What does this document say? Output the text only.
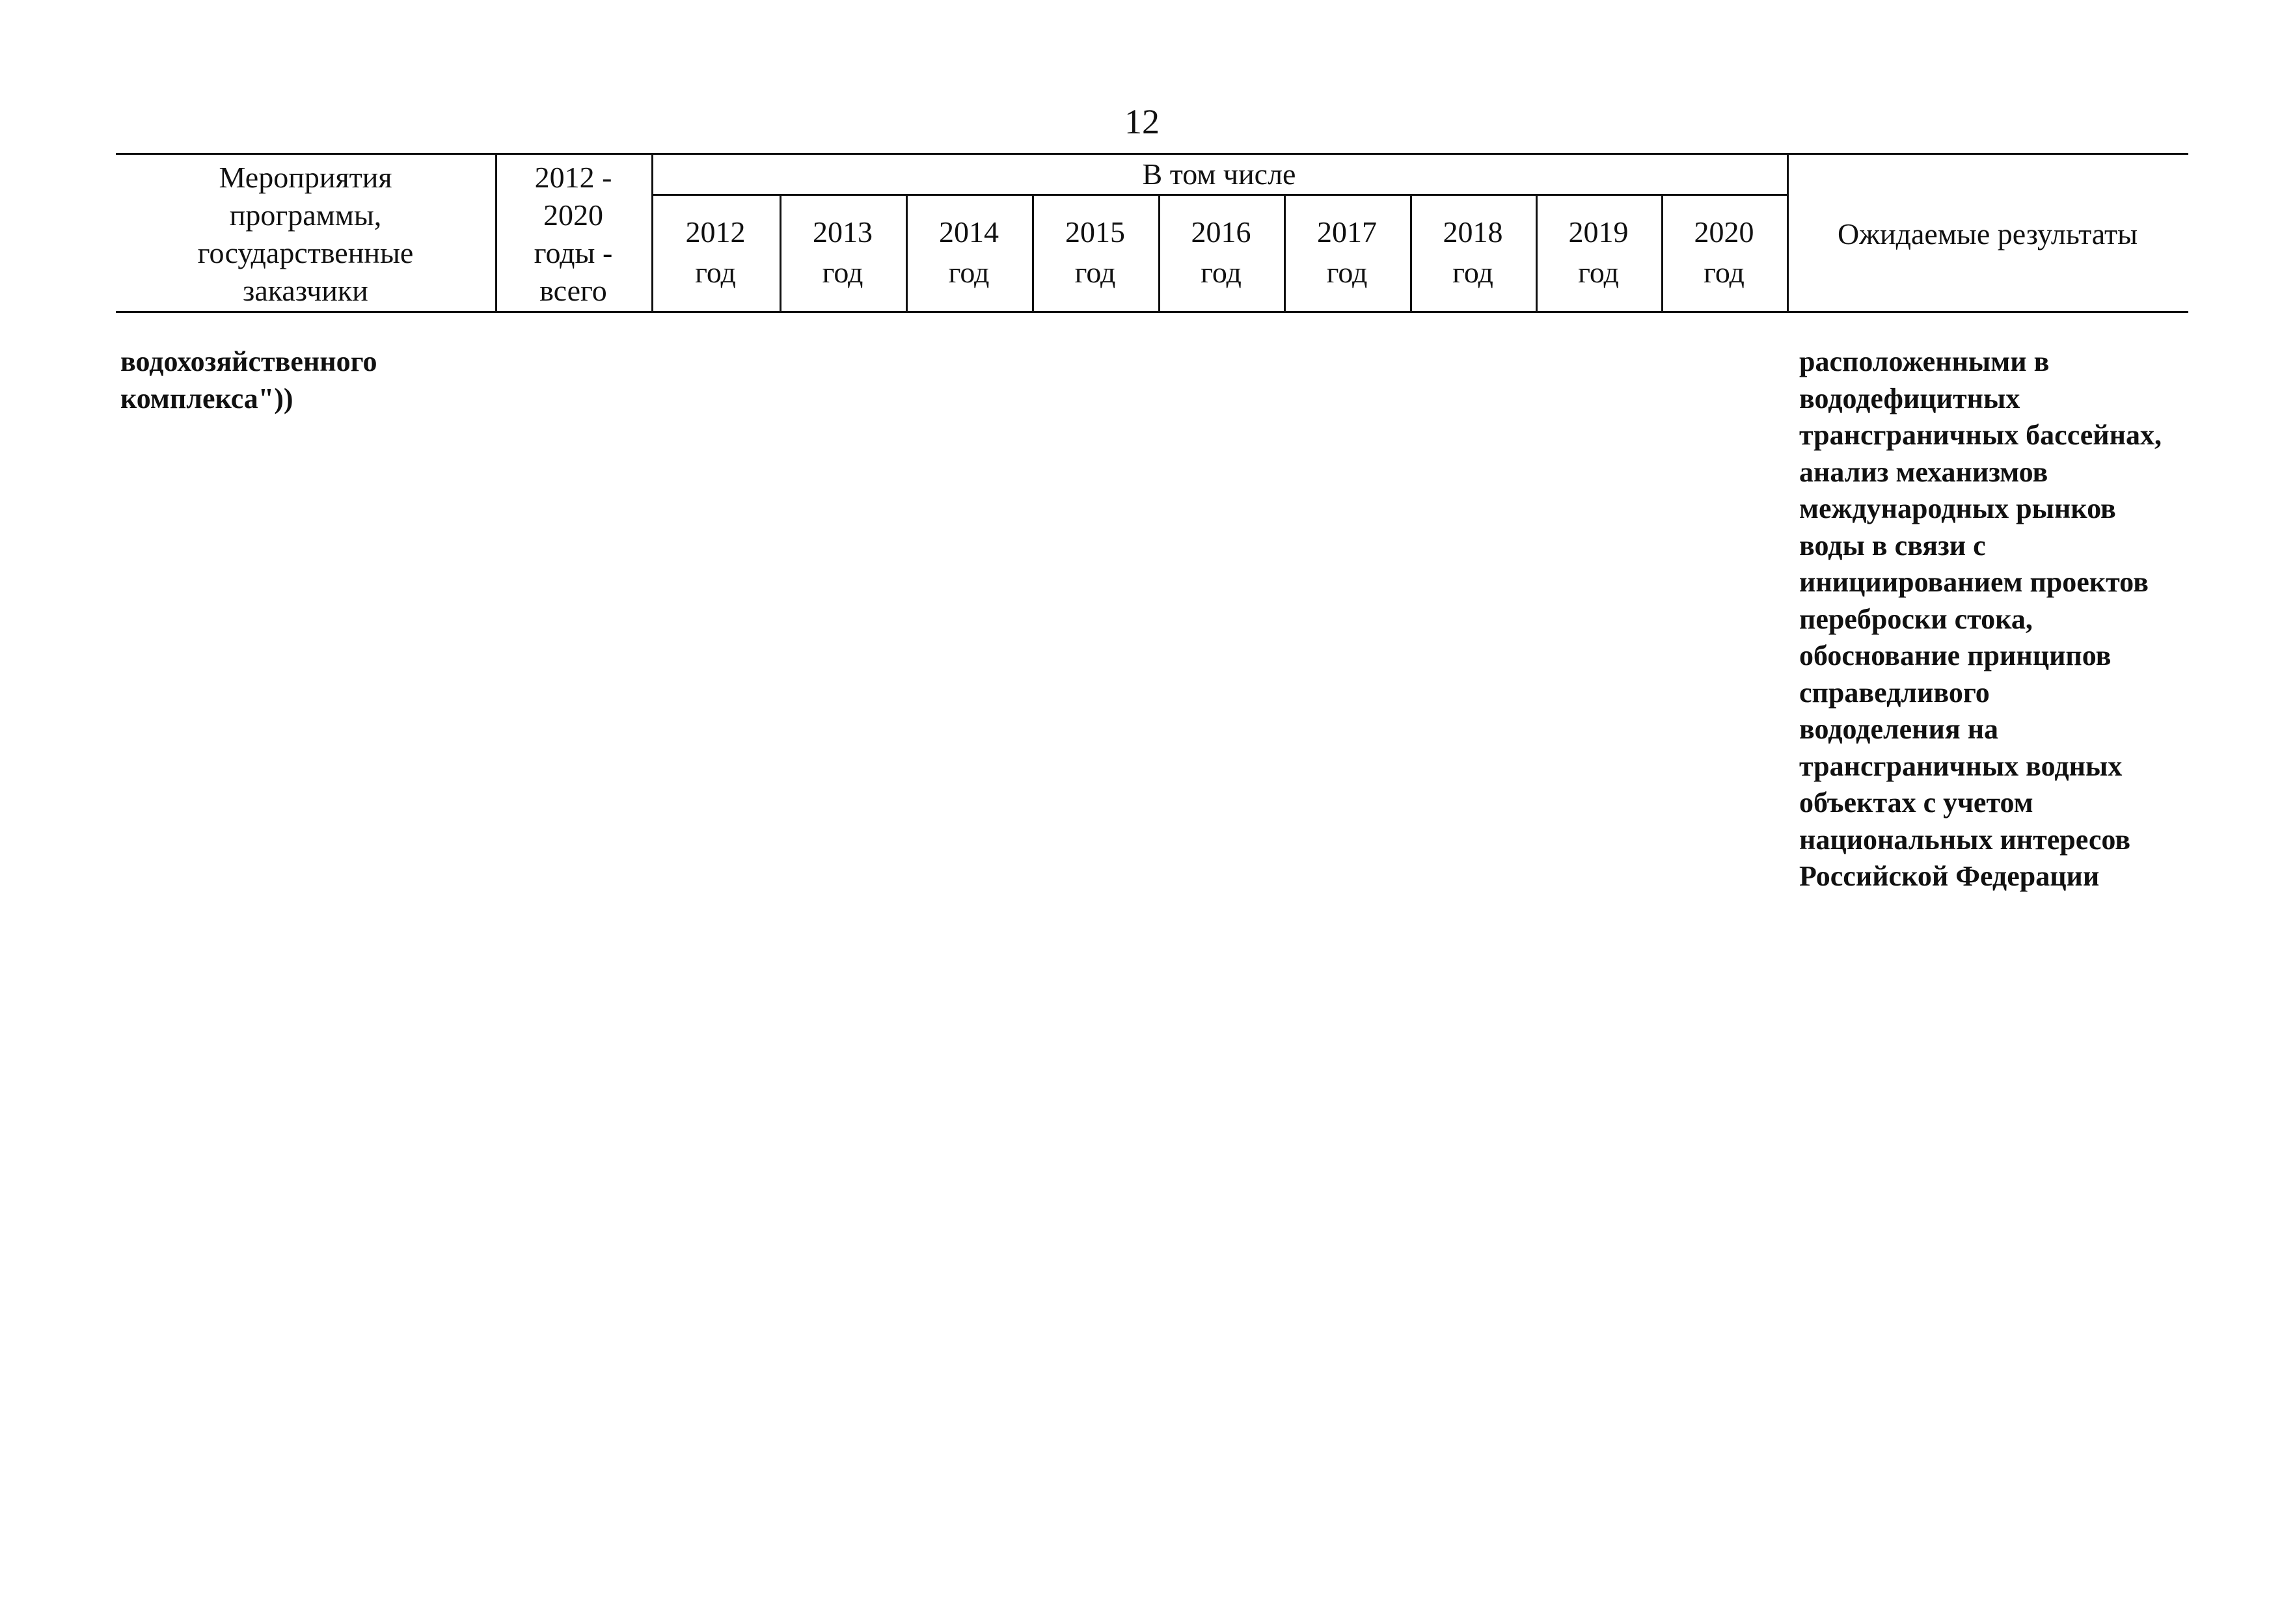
12
Мероприятия
программы,
государственные
заказчики
2012 -
2020
годы -
всего
В том числе
2012
год
2013
год
2014
год
2015
год
2016
год
2017
год
2018
год
2019
год
2020
год
Ожидаемые результаты
водохозяйственного
комплекса"))
расположенными в
вододефицитных
трансграничных бассейнах,
анализ механизмов
международных рынков
воды в связи с
инициированием проектов
переброски стока,
обоснование принципов
справедливого
вододеления на
трансграничных водных
объектах с учетом
национальных интересов
Российской Федерации
